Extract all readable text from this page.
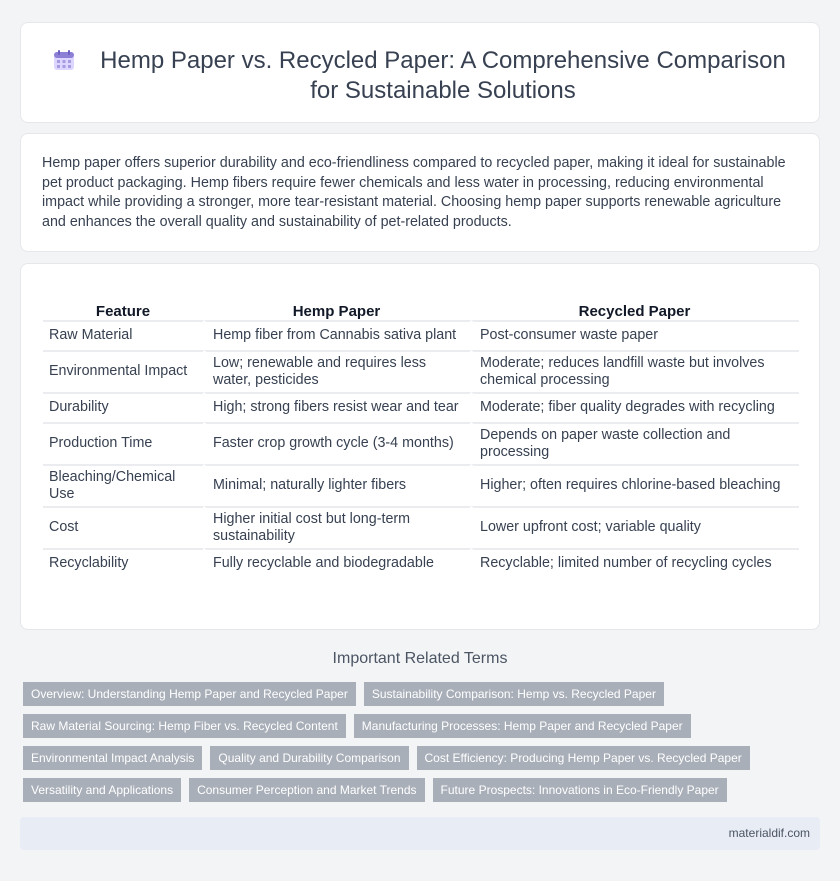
Hemp Paper vs. Recycled Paper: A Comprehensive Comparison for Sustainable Solutions

Hemp paper offers superior durability and eco-friendliness compared to recycled paper, making it ideal for sustainable pet product packaging. Hemp fibers require fewer chemicals and less water in processing, reducing environmental impact while providing a stronger, more tear-resistant material. Choosing hemp paper supports renewable agriculture and enhances the overall quality and sustainability of pet-related products.

Feature	Hemp Paper	Recycled Paper
Raw Material	Hemp fiber from Cannabis sativa plant	Post-consumer waste paper
Environmental Impact	Low; renewable and requires less water, pesticides	Moderate; reduces landfill waste but involves chemical processing
Durability	High; strong fibers resist wear and tear	Moderate; fiber quality degrades with recycling
Production Time	Faster crop growth cycle (3-4 months)	Depends on paper waste collection and processing
Bleaching/Chemical Use	Minimal; naturally lighter fibers	Higher; often requires chlorine-based bleaching
Cost	Higher initial cost but long-term sustainability	Lower upfront cost; variable quality
Recyclability	Fully recyclable and biodegradable	Recyclable; limited number of recycling cycles
Important Related Terms
Overview: Understanding Hemp Paper and Recycled Paper	Sustainability Comparison: Hemp vs. Recycled Paper
Raw Material Sourcing: Hemp Fiber vs. Recycled Content	Manufacturing Processes: Hemp Paper and Recycled Paper
Environmental Impact Analysis	Quality and Durability Comparison	Cost Efficiency: Producing Hemp Paper vs. Recycled Paper
Versatility and Applications	Consumer Perception and Market Trends	Future Prospects: Innovations in Eco-Friendly Paper
materialdif.com
